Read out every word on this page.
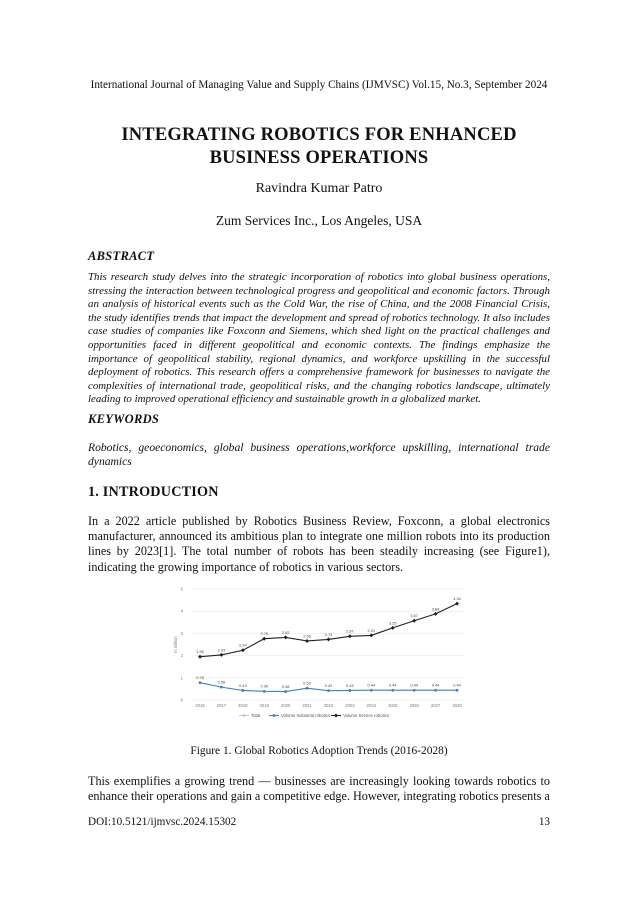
International Journal of Managing Value and Supply Chains (IJMVSC) Vol.15, No.3, September 2024
INTEGRATING ROBOTICS FOR ENHANCED
BUSINESS OPERATIONS
Ravindra Kumar Patro
Zum Services Inc., Los Angeles, USA
ABSTRACT
This research study delves into the strategic incorporation of robotics into global business operations, stressing the interaction between technological progress and geopolitical and economic factors. Through an analysis of historical events such as the Cold War, the rise of China, and the 2008 Financial Crisis, the study identifies trends that impact the development and spread of robotics technology. It also includes case studies of companies like Foxconn and Siemens, which shed light on the practical challenges and opportunities faced in different geopolitical and economic contexts. The findings emphasize the importance of geopolitical stability, regional dynamics, and workforce upskilling in the successful deployment of robotics. This research offers a comprehensive framework for businesses to navigate the complexities of international trade, geopolitical risks, and the changing robotics landscape, ultimately leading to improved operational efficiency and sustainable growth in a globalized market.
KEYWORDS
Robotics, geoeconomics, global business operations,workforce upskilling, international trade dynamics
1. INTRODUCTION
In a 2022 article published by Robotics Business Review, Foxconn, a global electronics manufacturer, announced its ambitious plan to integrate one million robots into its production lines by 2023[1]. The total number of robots has been steadily increasing (see Figure1), indicating the growing importance of robotics in various sectors.
0
1
2
3
4
5
In million
2016	2017	2018	2019	2020	2021	2022	2023	2024	2025	2026	2027	2028
0.78
0.58
0.43	0.39	0.38
0.53	0.42	0.43	0.44	0.44	0.44	0.44	0.44
1.95	2.03
2.24
2.76	2.82
2.66	2.73
2.87	2.91
3.25
3.57
3.88
4.34
Total	Volume Industrial robotics	Volume Service robotics
Figure 1. Global Robotics Adoption Trends (2016-2028)
This exemplifies a growing trend — businesses are increasingly looking towards robotics to enhance their operations and gain a competitive edge. However, integrating robotics presents a
DOI:10.5121/ijmvsc.2024.15302	13
